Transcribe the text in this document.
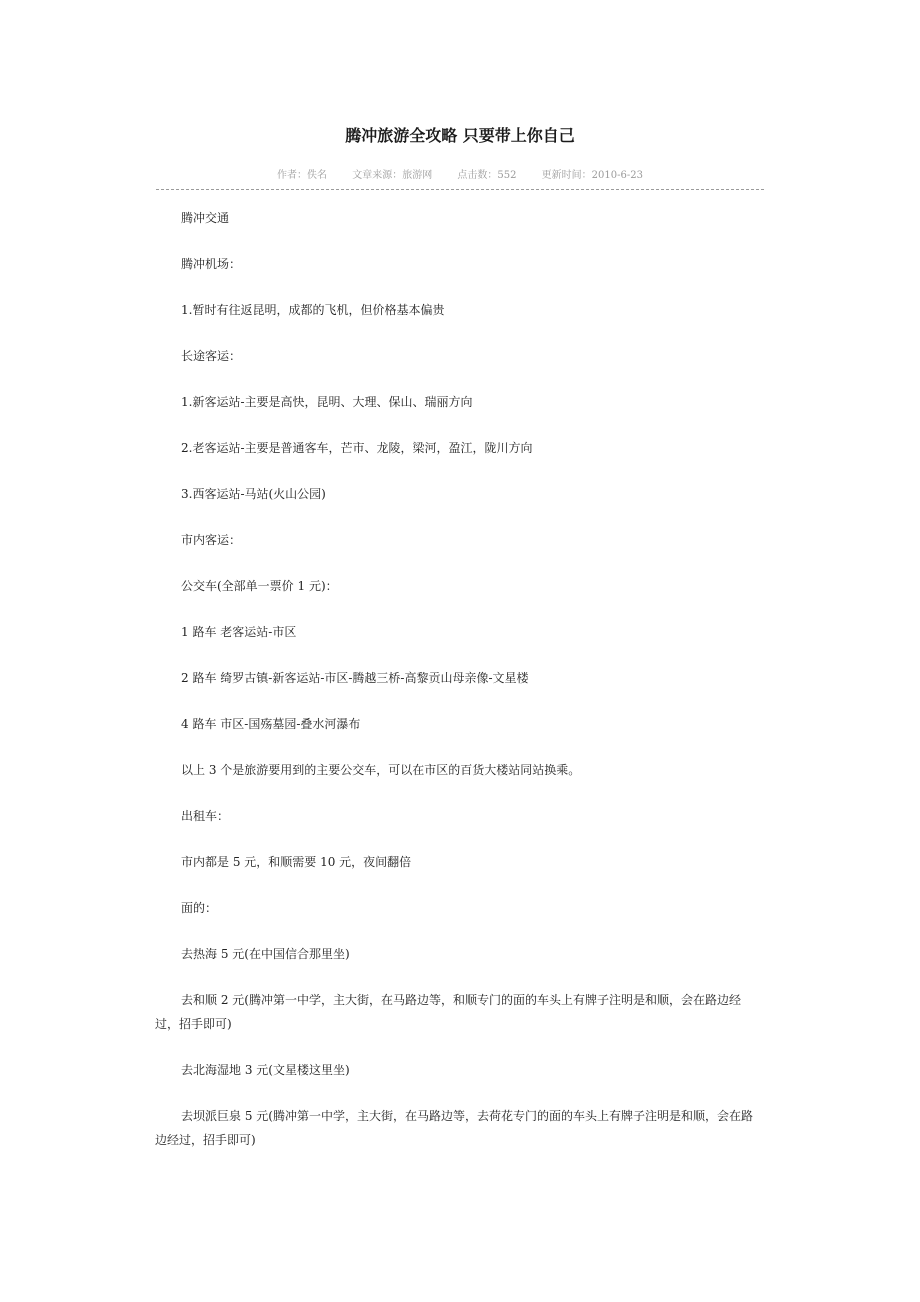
腾冲旅游全攻略 只要带上你自己
作者：佚名	文章来源：旅游网	点击数：552	更新时间：2010-6-23

腾冲交通

腾冲机场：

1.暂时有往返昆明，成都的飞机，但价格基本偏贵

长途客运：

1.新客运站-主要是高快，昆明、大理、保山、瑞丽方向

2.老客运站-主要是普通客车，芒市、龙陵，梁河，盈江，陇川方向

3.西客运站-马站(火山公园)

市内客运：

公交车(全部单一票价 1 元)：

1 路车 老客运站-市区

2 路车 绮罗古镇-新客运站-市区-腾越三桥-高黎贡山母亲像-文星楼

4 路车 市区-国殇墓园-叠水河瀑布

以上 3 个是旅游要用到的主要公交车，可以在市区的百货大楼站同站换乘。

出租车：

市内都是 5 元，和顺需要 10 元，夜间翻倍

面的：

去热海 5 元(在中国信合那里坐)

去和顺 2 元(腾冲第一中学，主大街，在马路边等，和顺专门的面的车头上有牌子注明是和顺，会在路边经过，招手即可)

去北海湿地 3 元(文星楼这里坐)

去坝派巨泉 5 元(腾冲第一中学，主大街，在马路边等，去荷花专门的面的车头上有牌子注明是和顺，会在路边经过，招手即可)
